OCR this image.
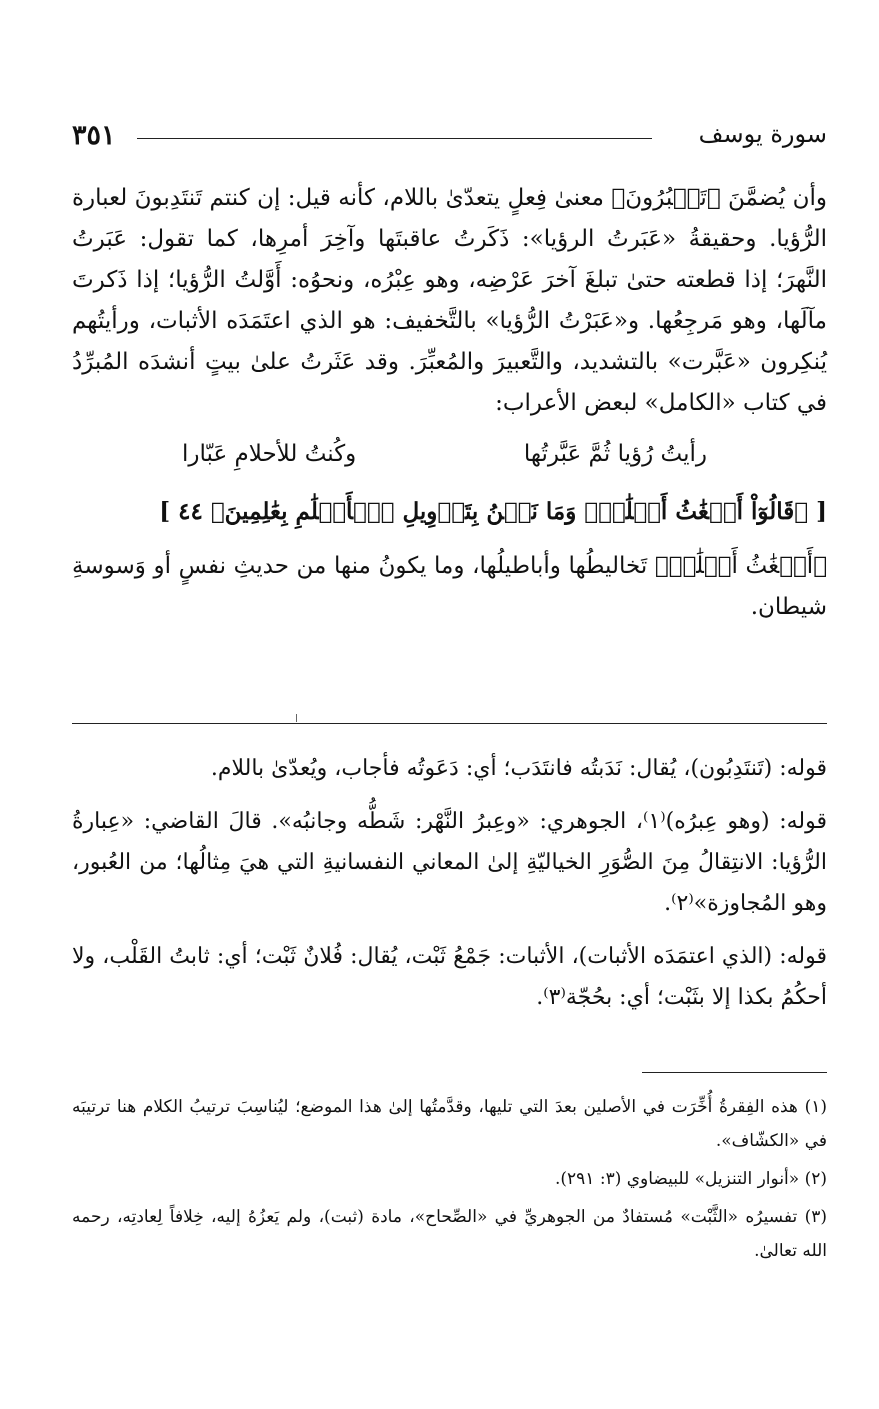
٣٥١	سورة يوسف

وأن يُضمَّنَ ﴿تَعۡبُرُونَ﴾ معنىٰ فِعلٍ يتعدّىٰ باللام، كأنه قيل: إن كنتم تَنتَدِبونَ لعبارة الرُّؤيا. وحقيقةُ «عَبَرتُ الرؤيا»: ذَكَرتُ عاقبتَها وآخِرَ أمرِها، كما تقول: عَبَرتُ النَّهرَ؛ إذا قطعته حتىٰ تبلغَ آخرَ عَرْضِه، وهو عِبْرُه، ونحوُه: أَوَّلتُ الرُّؤيا؛ إذا ذَكرتَ مآلَها، وهو مَرجِعُها. و«عَبَرْتُ الرُّؤيا» بالتَّخفيف: هو الذي اعتَمَدَه الأثبات، ورأيتُهم يُنكِرون «عَبَّرت» بالتشديد، والتَّعبيرَ والمُعبِّرَ. وقد عَثَرتُ علىٰ بيتٍ أنشدَه المُبرِّدُ في كتاب «الكامل» لبعض الأعراب:

رأيتُ رُؤيا ثُمَّ عَبَّرتُها
وكُنتُ للأحلامِ عَبّارا

[ ﴿قَالُوٓاْ أَضۡغَٰثُ أَحۡلَٰمٖۖ وَمَا نَحۡنُ بِتَأۡوِيلِ ٱلۡأَحۡلَٰمِ بِعَٰلِمِينَ﴾ ٤٤ ]

﴿أَضۡغَٰثُ أَحۡلَٰمٖ﴾ تَخاليطُها وأباطيلُها، وما يكونُ منها من حديثِ نفسٍ أو وَسوسةِ شيطان.

قوله: (تَنتَدِبُون)، يُقال: نَدَبتُه فانتَدَب؛ أي: دَعَوتُه فأجاب، ويُعدّىٰ باللام.

قوله: (وهو عِبرُه)⁽١⁾، الجوهري: «وعِبرُ النَّهْر: شَطُّه وجانبُه». قالَ القاضي: «عِبارةُ الرُّؤيا: الانتِقالُ مِنَ الصُّوَرِ الخياليّةِ إلىٰ المعاني النفسانيةِ التي هيَ مِثالُها؛ من العُبور، وهو المُجاوزة»⁽٢⁾.

قوله: (الذي اعتمَدَه الأثبات)، الأثبات: جَمْعُ ثَبْت، يُقال: فُلانٌ ثَبْت؛ أي: ثابتُ القَلْب، ولا أحكُمُ بكذا إلا بثَبْت؛ أي: بحُجّة⁽٣⁾.

(١) هذه الفِقرةُ أُخِّرَت في الأصلين بعدَ التي تليها، وقدَّمتُها إلىٰ هذا الموضع؛ ليُناسِبَ ترتيبُ الكلام هنا ترتيبَه في «الكشّاف».

(٢) «أنوار التنزيل» للبيضاوي (٣: ٢٩١).

(٣) تفسيرُه «الثَّبْت» مُستفادٌ من الجوهريِّ في «الصِّحاح»، مادة (ثبت)، ولم يَعزُهُ إليه، خِلافاً لِعادتِه، رحمه الله تعالىٰ.
